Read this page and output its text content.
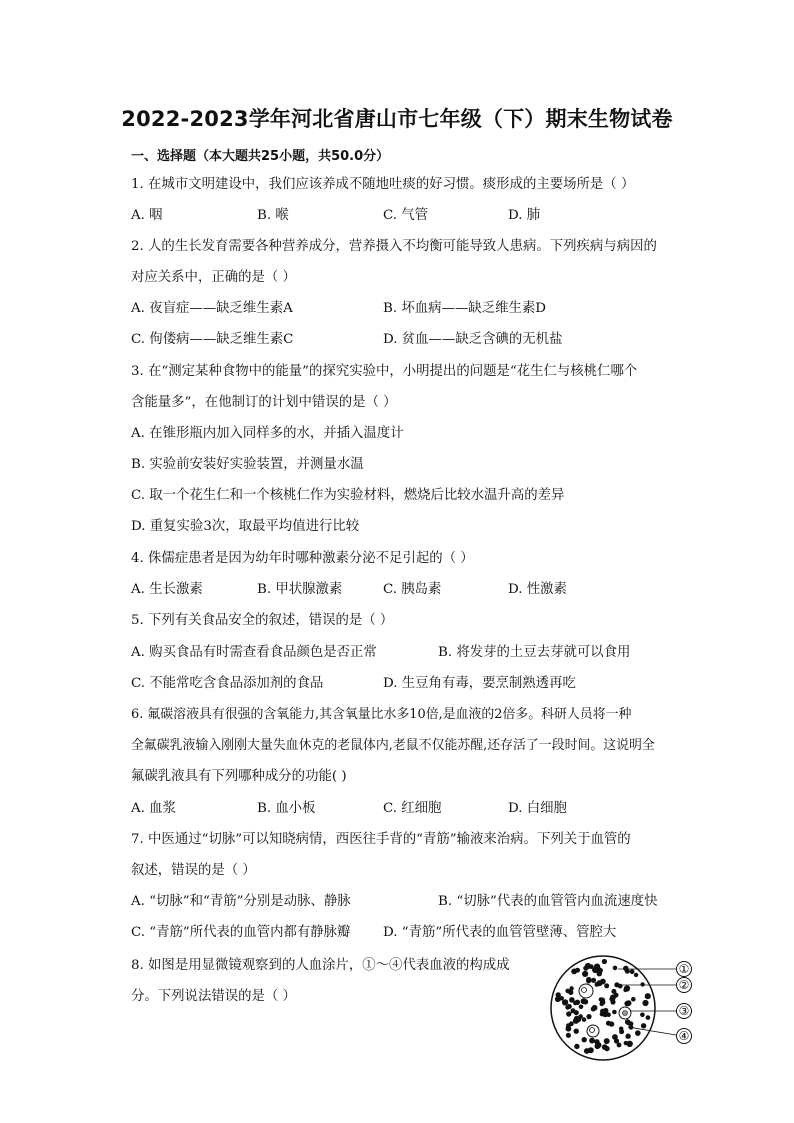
2022-2023学年河北省唐山市七年级（下）期末生物试卷
一、选择题（本大题共25小题，共50.0分）
1. 在城市文明建设中，我们应该养成不随地吐痰的好习惯。痰形成的主要场所是（ ）
A. 咽	B. 喉	C. 气管	D. 肺
2. 人的生长发育需要各种营养成分，营养摄入不均衡可能导致人患病。下列疾病与病因的
对应关系中，正确的是（ ）
A. 夜盲症——缺乏维生素A	B. 坏血病——缺乏维生素D
C. 佝偻病——缺乏维生素C	D. 贫血——缺乏含碘的无机盐
3. 在“测定某种食物中的能量”的探究实验中，小明提出的问题是“花生仁与核桃仁哪个
含能量多”，在他制订的计划中错误的是（ ）
A. 在锥形瓶内加入同样多的水，并插入温度计
B. 实验前安装好实验装置，并测量水温
C. 取一个花生仁和一个核桃仁作为实验材料，燃烧后比较水温升高的差异
D. 重复实验3次，取最平均值进行比较
4. 侏儒症患者是因为幼年时哪种激素分泌不足引起的（ ）
A. 生长激素	B. 甲状腺激素	C. 胰岛素	D. 性激素
5. 下列有关食品安全的叙述，错误的是（ ）
A. 购买食品有时需查看食品颜色是否正常	B. 将发芽的土豆去芽就可以食用
C. 不能常吃含食品添加剂的食品	D. 生豆角有毒，要烹制熟透再吃
6. 氟碳溶液具有很强的含氧能力,其含氧量比水多10倍,是血液的2倍多。科研人员将一种
全氟碳乳液输入刚刚大量失血休克的老鼠体内,老鼠不仅能苏醒,还存活了一段时间。这说明全
氟碳乳液具有下列哪种成分的功能( )
A. 血浆	B. 血小板	C. 红细胞	D. 白细胞
7. 中医通过“切脉”可以知晓病情，西医往手背的“青筋”输液来治病。下列关于血管的
叙述，错误的是（ ）
A. “切脉”和“青筋”分别是动脉、静脉	B. “切脉”代表的血管管内血流速度快
C. “青筋”所代表的血管内都有静脉瓣 D. “青筋”所代表的血管管壁薄、管腔大
8. 如图是用显微镜观察到的人血涂片，①～④代表血液的构成成
分。下列说法错误的是（ ）
①
②
③
④
